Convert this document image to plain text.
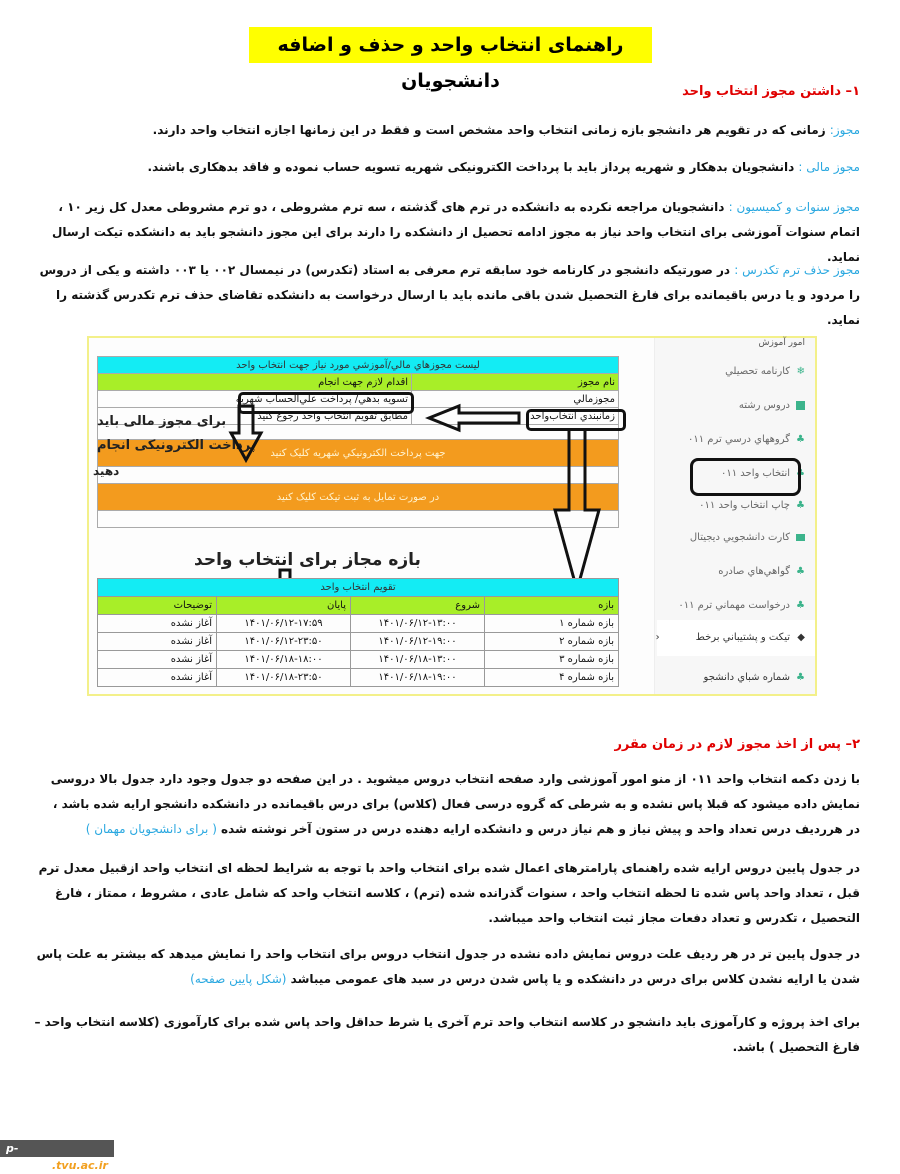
راهنمای انتخاب واحد و حذف و اضافه دانشجویان	۱– داشتن مجوز انتخاب واحد
مجوز: زمانی که در تقویم هر دانشجو بازه زمانی انتخاب واحد مشخص است و فقط در این زمانها اجازه انتخاب واحد دارند.
مجوز مالی : دانشجویان بدهکار و شهریه پرداز باید با پرداخت الکترونیکی شهریه تسویه حساب نموده و فاقد بدهکاری باشند.
مجوز سنوات و کمیسیون : دانشجویان مراجعه نکرده به دانشکده در ترم های گذشته ، سه ترم مشروطی ، دو ترم مشروطی معدل کل زیر ۱۰ ، اتمام سنوات آموزشی برای انتخاب واحد نیاز به مجوز ادامه تحصیل از دانشکده را دارند برای این مجوز دانشجو باید به دانشکده تیکت ارسال نماید.
مجوز حذف ترم تکدرس : در صورتیکه دانشجو در کارنامه خود سابقه ترم معرفی به استاد (تکدرس) در نیمسال ۰۰۲ یا ۰۰۳ داشته و یکی از دروس را مردود و یا درس باقیمانده برای فارغ التحصیل شدن باقی مانده باید با ارسال درخواست به دانشکده تقاضای حذف ترم تکدرس گذشته را نماید.
امور آموزش
❄
کارنامه تحصیلي
دروس رشته
♣
گروههاي درسي ترم ۰۱۱
♣
انتخاب واحد ۰۱۱
♣
چاپ انتخاب واحد ۰۱۱
کارت دانشجويي ديجيتال
♣
گواهي‌هاي صادره
♣
درخواست مهماني ترم ۰۱۱
◆
تيکت و پشتيباني برخط
‹
♣
شماره شباي دانشجو
ليست مجوزهاي مالي/آموزشي مورد نياز جهت انتخاب واحد	
نام مجوز	اقدام لازم جهت انجام
مجوزمالي	تسويه بدهي/ پرداخت علي‌الحساب شهريه
زمانبندي انتخاب‌واحد	مطابق تقويم انتخاب واحد رجوع کنيد

جهت پرداخت الکترونيکي شهريه کليک کنيد	

در صورت تمايل به ثبت تيکت کليک کنيد	

برای مجوز مالی باید
پرداخت الکترونیکی انجام
دهید
بازه مجاز برای انتخاب واحد
تقويم انتخاب واحد			
بازه	شروع	پايان	توضيحات
بازه شماره ۱	۱۴۰۱/۰۶/۱۲-۱۳:۰۰	۱۴۰۱/۰۶/۱۲-۱۷:۵۹	آغاز نشده
بازه شماره ۲	۱۴۰۱/۰۶/۱۲-۱۹:۰۰	۱۴۰۱/۰۶/۱۲-۲۳:۵۰	آغاز نشده
بازه شماره ۳	۱۴۰۱/۰۶/۱۸-۱۳:۰۰	۱۴۰۱/۰۶/۱۸-۱۸:۰۰	آغاز نشده
بازه شماره ۴	۱۴۰۱/۰۶/۱۸-۱۹:۰۰	۱۴۰۱/۰۶/۱۸-۲۳:۵۰	آغاز نشده
۲– پس از اخذ مجوز لازم در زمان مقرر
با زدن دکمه انتخاب واحد ۰۱۱ از منو امور آموزشی وارد صفحه انتخاب دروس میشوید . در این صفحه دو جدول وجود دارد جدول بالا دروسی نمایش داده میشود که قبلا پاس نشده و به شرطی که گروه درسی فعال (کلاس) برای درس باقیمانده در دانشکده دانشجو ارایه شده باشد ، در هرردیف درس تعداد واحد و پیش نیاز و هم نیاز درس و دانشکده ارایه دهنده درس در ستون آخر نوشته شده ( برای دانشجویان مهمان )
در جدول پایین دروس ارایه شده راهنمای پارامترهای اعمال شده برای انتخاب واحد با توجه به شرایط لحظه ای انتخاب واحد ازقبیل معدل ترم قبل ، تعداد واحد پاس شده تا لحظه انتخاب واحد ، سنوات گذرانده شده (ترم) ، کلاسه انتخاب واحد که شامل عادی ، مشروط ، ممتاز ، فارغ التحصیل ، تکدرس و تعداد دفعات مجاز ثبت انتخاب واحد میباشد.
در جدول پایین تر در هر ردیف علت دروس نمایش داده نشده در جدول انتخاب دروس برای انتخاب واحد را نمایش میدهد که بیشتر به علت پاس شدن یا ارایه نشدن کلاس برای درس در دانشکده و یا پاس شدن درس در سبد های عمومی میباشد (شکل پایین صفحه)
برای اخذ پروژه و کارآموزی باید دانشجو در کلاسه انتخاب واحد ترم آخری یا شرط حداقل واحد پاس شده برای کارآموزی (کلاسه انتخاب واحد – فارغ التحصیل ) باشد.
p-shirvan.tvu.ac.ir
